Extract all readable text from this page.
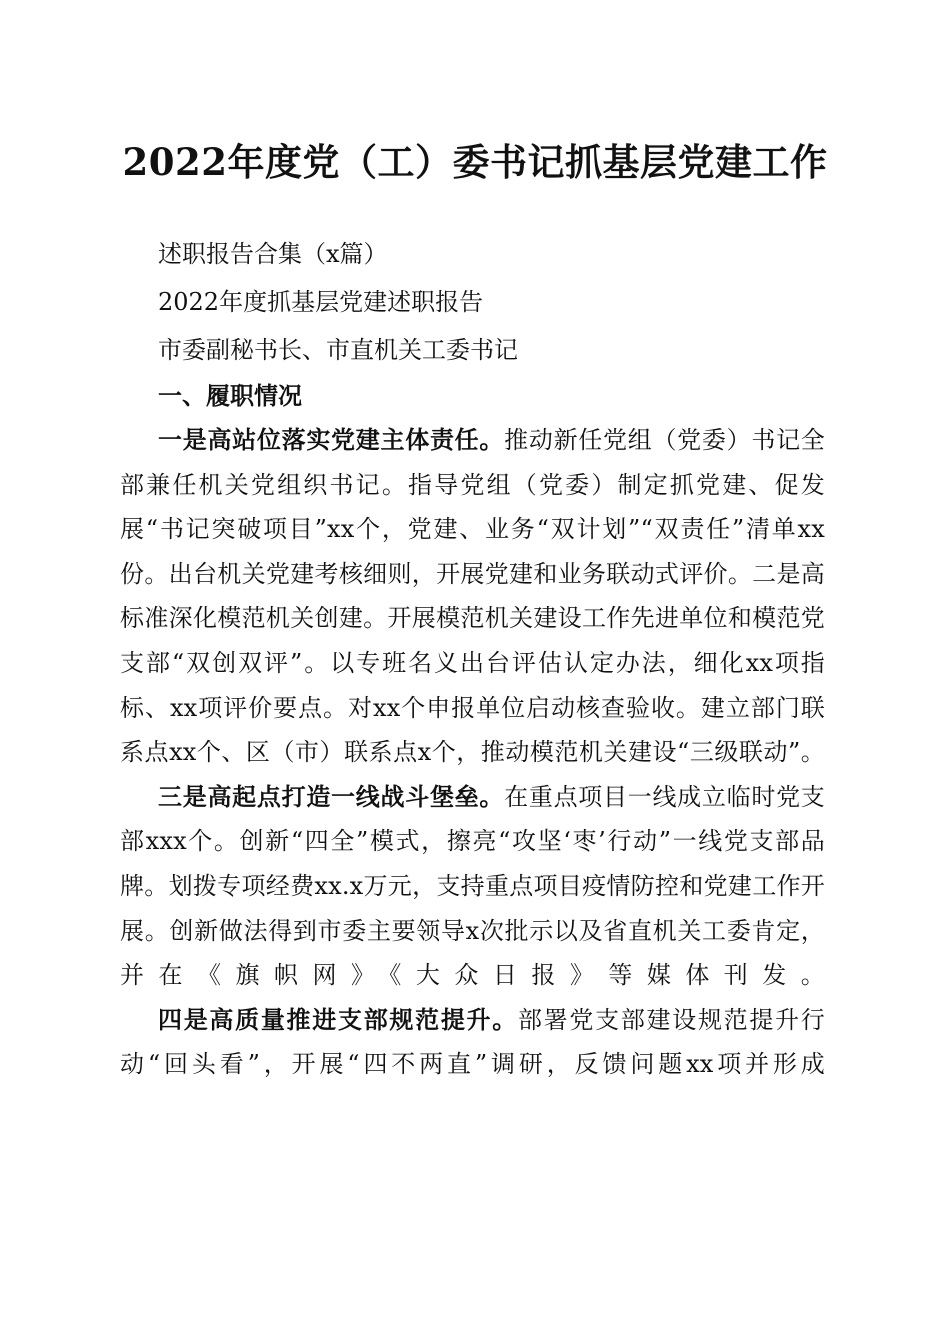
2022年度党（工）委书记抓基层党建工作

述职报告合集（x篇）

2022年度抓基层党建述职报告

市委副秘书长、市直机关工委书记

一、履职情况

一是高站位落实党建主体责任。推动新任党组（党委）书记全部兼任机关党组织书记。指导党组（党委）制定抓党建、促发展“书记突破项目”xx个，党建、业务“双计划”“双责任”清单xx份。出台机关党建考核细则，开展党建和业务联动式评价。二是高标准深化模范机关创建。开展模范机关建设工作先进单位和模范党支部“双创双评”。以专班名义出台评估认定办法，细化xx项指标、xx项评价要点。对xx个申报单位启动核查验收。建立部门联系点xx个、区（市）联系点x个，推动模范机关建设“三级联动”。

三是高起点打造一线战斗堡垒。在重点项目一线成立临时党支部xxx个。创新“四全”模式，擦亮“攻坚‘枣’行动”一线党支部品牌。划拨专项经费xx.x万元，支持重点项目疫情防控和党建工作开展。创新做法得到市委主要领导x次批示以及省直机关工委肯定，并在《旗帜网》《大众日报》等媒体刊发。

四是高质量推进支部规范提升。部署党支部建设规范提升行动“回头看”，开展“四不两直”调研，反馈问题xx项并形成
